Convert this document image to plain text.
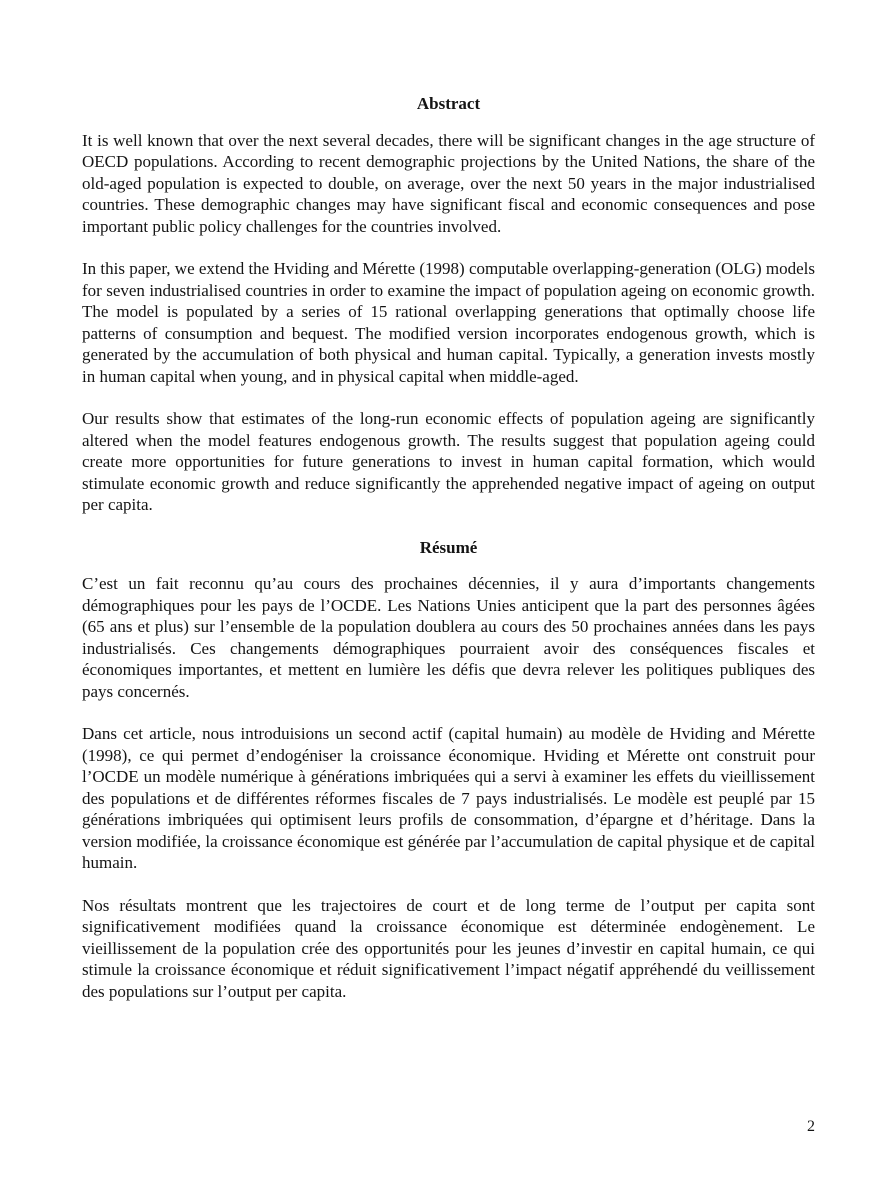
Abstract

It is well known that over the next several decades, there will be significant changes in the age structure of OECD populations. According to recent demographic projections by the United Nations, the share of the old-aged population is expected to double, on average, over the next 50 years in the major industrialised countries. These demographic changes may have significant fiscal and economic consequences and pose important public policy challenges for the countries involved.

In this paper, we extend the Hviding and Mérette (1998) computable overlapping-generation (OLG) models for seven industrialised countries in order to examine the impact of population ageing on economic growth. The model is populated by a series of 15 rational overlapping generations that optimally choose life patterns of consumption and bequest. The modified version incorporates endogenous growth, which is generated by the accumulation of both physical and human capital. Typically, a generation invests mostly in human capital when young, and in physical capital when middle-aged.

Our results show that estimates of the long-run economic effects of population ageing are significantly altered when the model features endogenous growth. The results suggest that population ageing could create more opportunities for future generations to invest in human capital formation, which would stimulate economic growth and reduce significantly the apprehended negative impact of ageing on output per capita.

Résumé

C’est un fait reconnu qu’au cours des prochaines décennies, il y aura d’importants changements démographiques pour les pays de l’OCDE. Les Nations Unies anticipent que la part des personnes âgées (65 ans et plus) sur l’ensemble de la population doublera au cours des 50 prochaines années dans les pays industrialisés. Ces changements démographiques pourraient avoir des conséquences fiscales et économiques importantes, et mettent en lumière les défis que devra relever les politiques publiques des pays concernés.

Dans cet article, nous introduisions un second actif (capital humain) au modèle de Hviding and Mérette (1998), ce qui permet d’endogéniser la croissance économique. Hviding et Mérette ont construit pour l’OCDE un modèle numérique à générations imbriquées qui a servi à examiner les effets du vieillissement des populations et de différentes réformes fiscales de 7 pays industrialisés. Le modèle est peuplé par 15 générations imbriquées qui optimisent leurs profils de consommation, d’épargne et d’héritage. Dans la version modifiée, la croissance économique est générée par l’accumulation de capital physique et de capital humain.

Nos résultats montrent que les trajectoires de court et de long terme de l’output per capita sont significativement modifiées quand la croissance économique est déterminée endogènement. Le vieillissement de la population crée des opportunités pour les jeunes d’investir en capital humain, ce qui stimule la croissance économique et réduit significativement l’impact négatif appréhendé du veillissement des populations sur l’output per capita.

2
